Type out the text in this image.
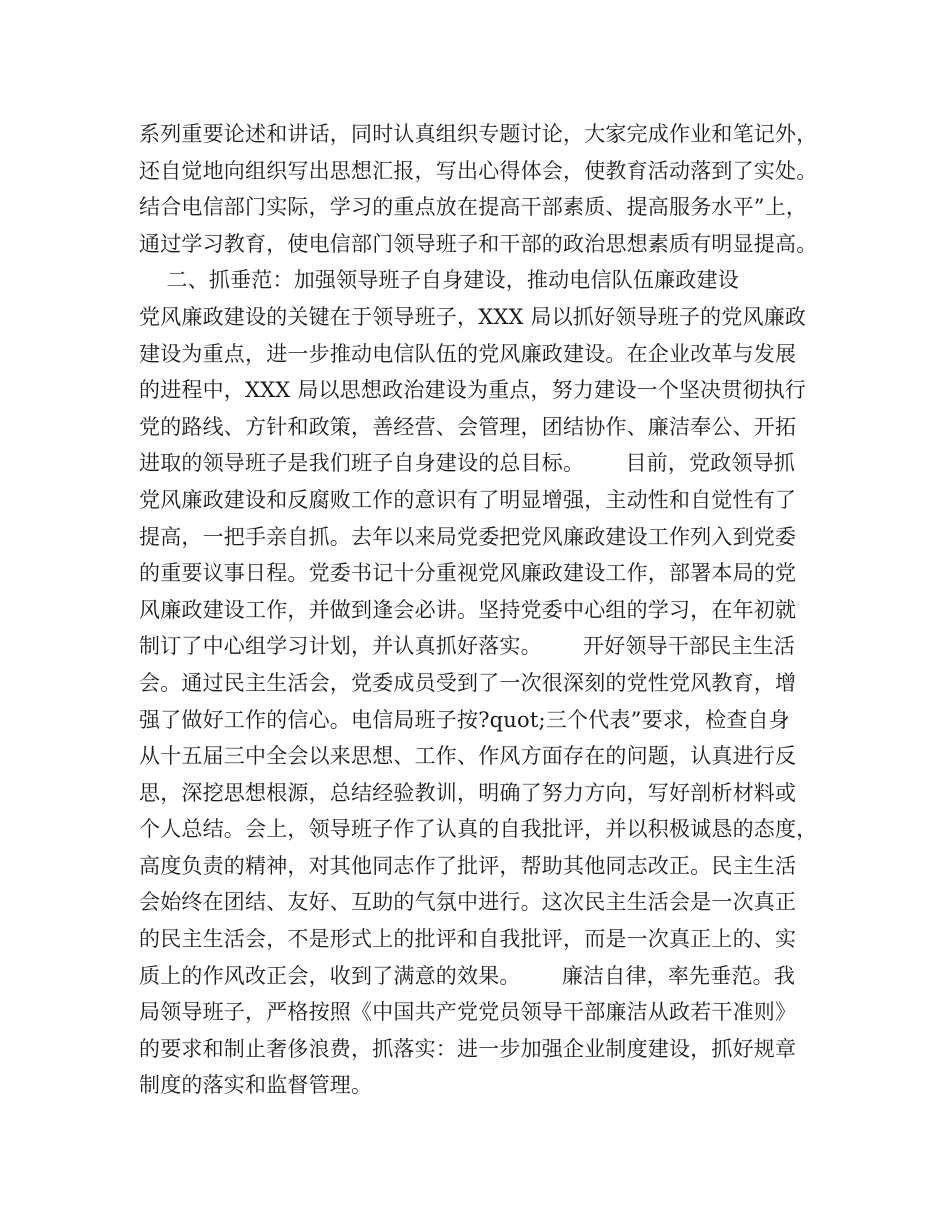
系列重要论述和讲话，同时认真组织专题讨论，大家完成作业和笔记外，
还自觉地向组织写出思想汇报，写出心得体会，使教育活动落到了实处。
结合电信部门实际，学习的重点放在提高干部素质、提高服务水平”上，
通过学习教育，使电信部门领导班子和干部的政治思想素质有明显提高。
二、抓垂范：加强领导班子自身建设，推动电信队伍廉政建设
党风廉政建设的关键在于领导班子，XXX 局以抓好领导班子的党风廉政
建设为重点，进一步推动电信队伍的党风廉政建设。在企业改革与发展
的进程中，XXX 局以思想政治建设为重点，努力建设一个坚决贯彻执行
党的路线、方针和政策，善经营、会管理，团结协作、廉洁奉公、开拓
进取的领导班子是我们班子自身建设的总目标。      目前，党政领导抓
党风廉政建设和反腐败工作的意识有了明显增强，主动性和自觉性有了
提高，一把手亲自抓。去年以来局党委把党风廉政建设工作列入到党委
的重要议事日程。党委书记十分重视党风廉政建设工作，部署本局的党
风廉政建设工作，并做到逢会必讲。坚持党委中心组的学习，在年初就
制订了中心组学习计划，并认真抓好落实。      开好领导干部民主生活
会。通过民主生活会，党委成员受到了一次很深刻的党性党风教育，增
强了做好工作的信心。电信局班子按?quot;三个代表”要求，检查自身
从十五届三中全会以来思想、工作、作风方面存在的问题，认真进行反
思，深挖思想根源，总结经验教训，明确了努力方向，写好剖析材料或
个人总结。会上，领导班子作了认真的自我批评，并以积极诚恳的态度，
高度负责的精神，对其他同志作了批评，帮助其他同志改正。民主生活
会始终在团结、友好、互助的气氛中进行。这次民主生活会是一次真正
的民主生活会，不是形式上的批评和自我批评，而是一次真正上的、实
质上的作风改正会，收到了满意的效果。      廉洁自律，率先垂范。我
局领导班子，严格按照《中国共产党党员领导干部廉洁从政若干准则》
的要求和制止奢侈浪费，抓落实：进一步加强企业制度建设，抓好规章
制度的落实和监督管理。
